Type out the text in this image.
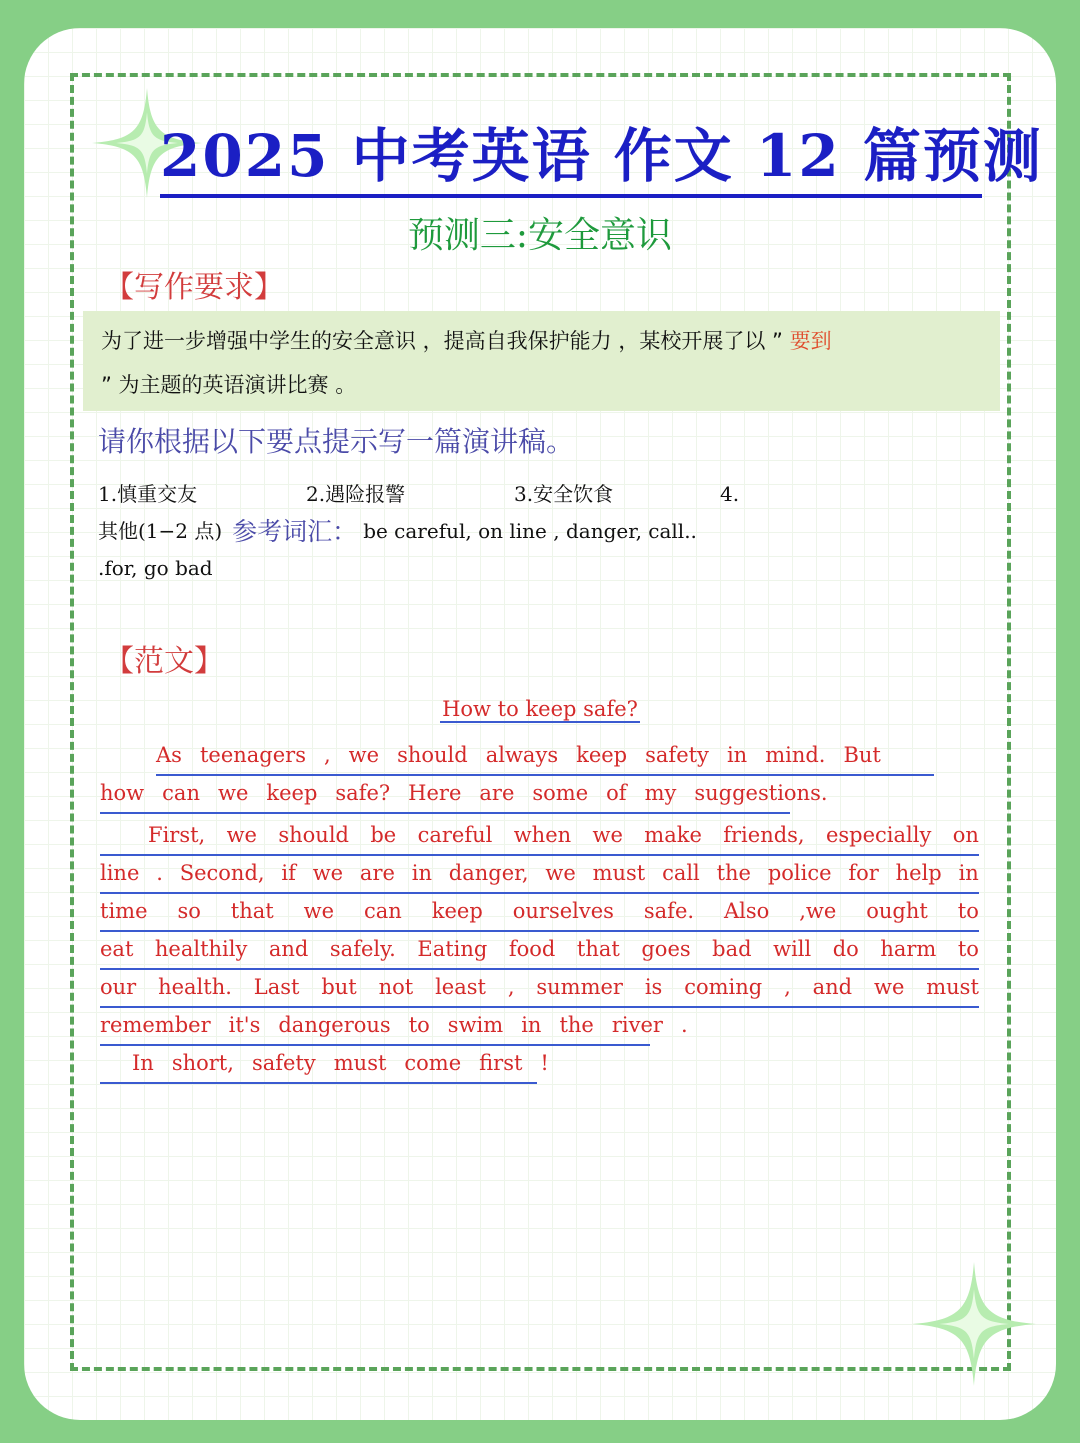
2025 中考英语 作文 12 篇预测
预测三:安全意识
【写作要求】
为了进一步增强中学生的安全意识 ，提高自我保护能力 ，某校开展了以 ” 要到
” 为主题的英语演讲比赛 。
请你根据以下要点提示写一篇演讲稿。
1.慎重交友	2.遇险报警	3.安全饮食	4.
其他(1−2 点) 参考词汇： be careful, on line , danger, call..
.for, go bad
【范文】
How to keep safe?
As teenagers , we should always keep safety in mind. But
how can we keep safe? Here are some of my suggestions.
First, we should be careful when we make friends, especially on
line . Second, if we are in danger, we must call the police for help in
time so that we can keep ourselves safe. Also ,we ought to
eat healthily and safely. Eating food that goes bad will do harm to
our health. Last but not least , summer is coming , and we must
remember it's dangerous to swim in the river .
In short, safety must come first !
